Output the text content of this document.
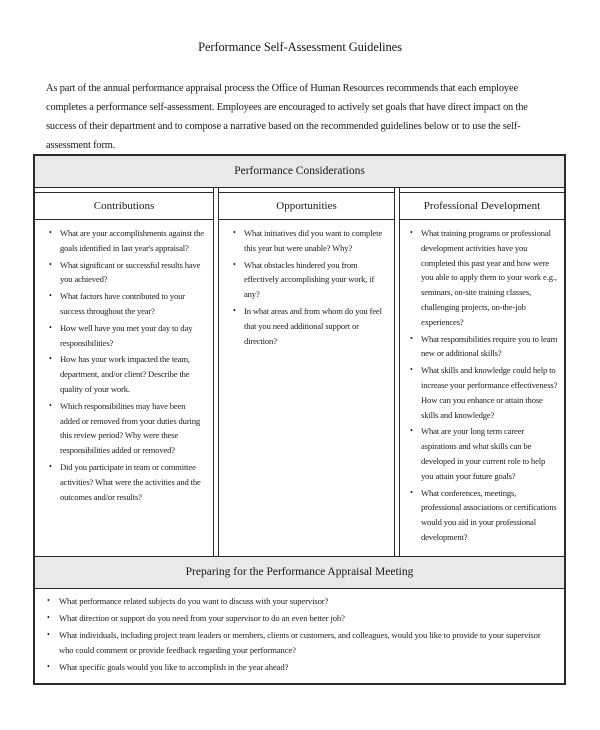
Performance Self-Assessment Guidelines
As part of the annual performance appraisal process the Office of Human Resources recommends that each employee completes a performance self-assessment. Employees are encouraged to actively set goals that have direct impact on the success of their department and to compose a narrative based on the recommended guidelines below or to use the self-assessment form.
Performance Considerations
Contributions
• What are your accomplishments against the goals identified in last year's appraisal?
• What significant or successful results have you achieved?
• What factors have contributed to your success throughout the year?
• How well have you met your day to day responsibilities?
• How has your work impacted the team, department, and/or client? Describe the quality of your work.
• Which responsibilities may have been added or removed from your duties during this review period? Why were these responsibilities added or removed?
• Did you participate in team or committee activities? What were the activities and the outcomes and/or results?
Opportunities
• What initiatives did you want to complete this year but were unable? Why?
• What obstacles hindered you from effectively accomplishing your work, if any?
• In what areas and from whom do you feel that you need additional support or direction?
Professional Development
• What training programs or professional development activities have you completed this past year and how were you able to apply them to your work e.g., seminars, on-site training classes, challenging projects, on-the-job experiences?
• What responsibilities require you to learn new or additional skills?
• What skills and knowledge could help to increase your performance effectiveness? How can you enhance or attain those skills and knowledge?
• What are your long term career aspirations and what skills can be developed in your current role to help you attain your future goals?
• What conferences, meetings, professional associations or certifications would you aid in your professional development?
Preparing for the Performance Appraisal Meeting
• What performance related subjects do you want to discuss with your supervisor?
• What direction or support do you need from your supervisor to do an even better job?
• What individuals, including project team leaders or members, clients or customers, and colleagues, would you like to provide to your supervisor who could comment or provide feedback regarding your performance?
• What specific goals would you like to accomplish in the year ahead?
